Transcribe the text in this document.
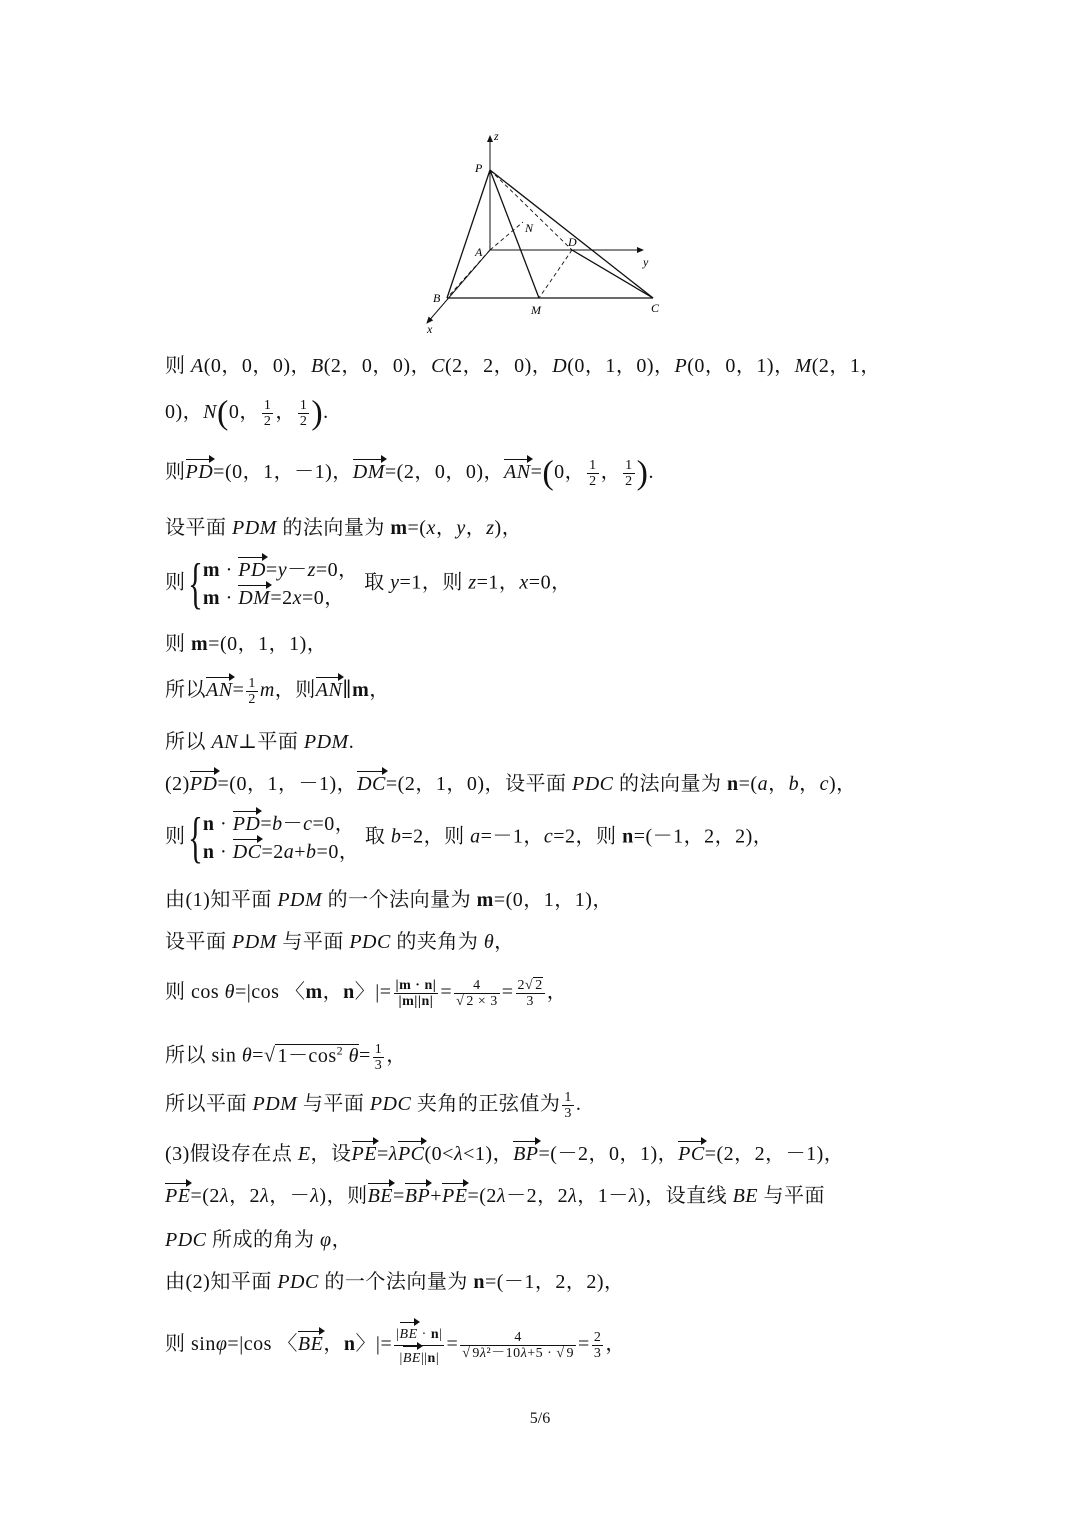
z
P
N
A
D
y
B
M	C
x
则 A(0，0，0)，B(2，0，0)，C(2，2，0)，D(0，1，0)，P(0，0，1)，M(2，1，
0)，N(0， $\frac{1}{2}$ ， $\frac{1}{2}$ ).
则PD=(0，1，－1)，DM=(2，0，0)，AN=(0， $\frac{1}{2}$ ， $\frac{1}{2}$ ).
设平面 PDM 的法向量为 m=(x，y，z)，
则 { m · PD=y－z=0，
m · DM=2x=0，
取 y=1，则 z=1，x=0，
则 m=(0，1，1)，
所以$AN= \frac{1}{2}$ m，则AN∥m，
所以 AN⊥平面 PDM.
(2)PD=(0，1，－1)，DC=(2，1，0)，设平面 PDC 的法向量为 n=(a，b，c)，
则 { n · PD=b－c=0，
n · DC=2a+b=0，
取 b=2，则 a=－1，c=2，则 n=(－1，2，2)，
由(1)知平面 PDM 的一个法向量为 m=(0，1，1)，
设平面 PDM 与平面 PDC 的夹角为 θ，
则 cos θ=|cos 〈m，n〉|= $\frac{|m \cdot n|}{|m||n|} = \frac{4}{√ 2 \times 3} = \frac{2√ 2}{3}$ ，
所以 sin θ=√ $1-\cos^2$ $\theta= \frac{1}{3}$ ，
所以平面 PDM 与平面 PDC 夹角的正弦值为 $\frac{1}{3}$ .
(3)假设存在点 E，设PE=λPC(0<λ<1)，BP=(－2，0，1)，PC=(2，2，－1)，
PE=(2λ，2λ，－λ)，则BE=BP+PE=(2λ－2，2λ，1－λ)，设直线 BE 与平面
PDC 所成的角为 φ，
由(2)知平面 PDC 的一个法向量为 n=(－1，2，2)，
则 sinφ=|cos 〈BE，n〉|= $\frac{|BE \cdot n|}{|BE||n|} = \frac{4}{\text{√ 9λ²－10λ+5 · √ 9}} = \frac{2}{3}$ ，
5/6
